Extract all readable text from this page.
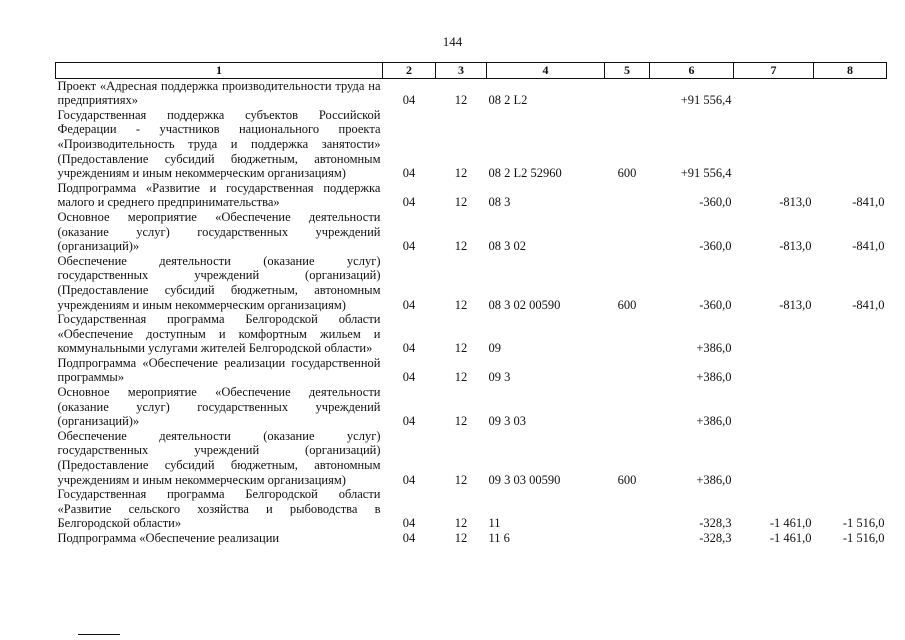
144
1	2	3	4	5	6	7	8
Проект «Адресная поддержка производительности труда на предприятиях»	04	12	08 2 L2		+91 556,4		
Государственная поддержка субъектов Российской Федерации - участников национального проекта «Производительность труда и поддержка занятости» (Предоставление субсидий бюджетным, автономным учреждениям и иным некоммерческим организациям)	04	12	08 2 L2 52960	600	+91 556,4		
Подпрограмма «Развитие и государственная поддержка малого и среднего предпринимательства»	04	12	08 3		-360,0	-813,0	-841,0
Основное мероприятие «Обеспечение деятельности (оказание услуг) государственных учреждений (организаций)»	04	12	08 3 02		-360,0	-813,0	-841,0
Обеспечение деятельности (оказание услуг) государственных учреждений (организаций) (Предоставление субсидий бюджетным, автономным учреждениям и иным некоммерческим организациям)	04	12	08 3 02 00590	600	-360,0	-813,0	-841,0
Государственная программа Белгородской области «Обеспечение доступным и комфортным жильем и коммунальными услугами жителей Белгородской области»	04	12	09		+386,0		
Подпрограмма «Обеспечение реализации государственной программы»	04	12	09 3		+386,0		
Основное мероприятие «Обеспечение деятельности (оказание услуг) государственных учреждений (организаций)»	04	12	09 3 03		+386,0		
Обеспечение деятельности (оказание услуг) государственных учреждений (организаций) (Предоставление субсидий бюджетным, автономным учреждениям и иным некоммерческим организациям)	04	12	09 3 03 00590	600	+386,0		
Государственная программа Белгородской области «Развитие сельского хозяйства и рыбоводства в Белгородской области»	04	12	11		-328,3	-1 461,0	-1 516,0
Подпрограмма «Обеспечение реализации	04	12	11 6		-328,3	-1 461,0	-1 516,0
